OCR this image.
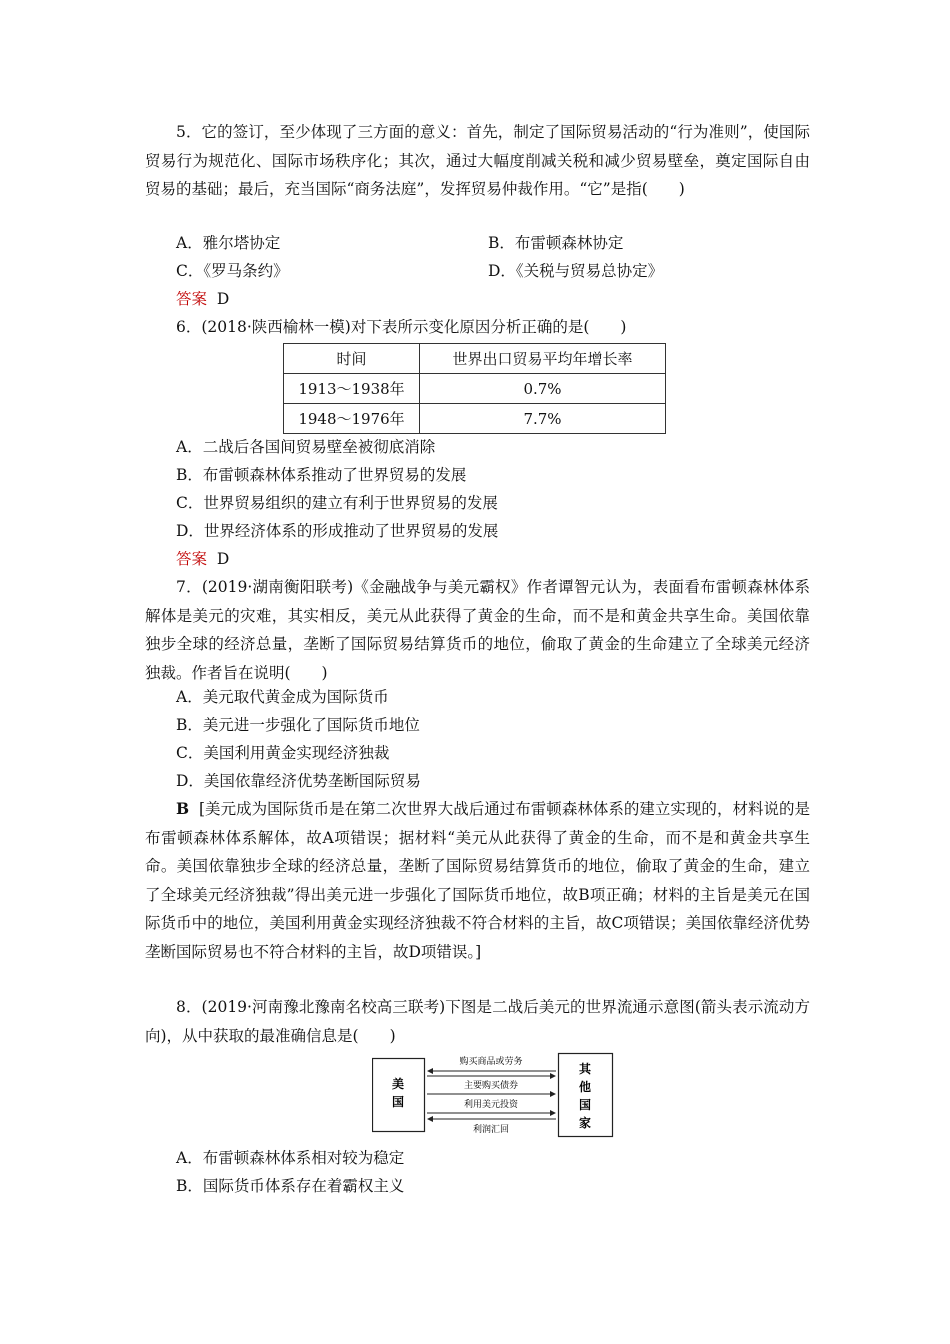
5．它的签订，至少体现了三方面的意义：首先，制定了国际贸易活动的“行为准则”，使国际贸易行为规范化、国际市场秩序化；其次，通过大幅度削减关税和减少贸易壁垒，奠定国际自由贸易的基础；最后，充当国际“商务法庭”，发挥贸易仲裁作用。“它”是指(　　)
A．雅尔塔协定	B．布雷顿森林协定
C．《罗马条约》	D．《关税与贸易总协定》
答案 D
6．(2018·陕西榆林一模)对下表所示变化原因分析正确的是(　　)
时间	世界出口贸易平均年增长率
1913～1938年	0.7%
1948～1976年	7.7%
A．二战后各国间贸易壁垒被彻底消除
B．布雷顿森林体系推动了世界贸易的发展
C．世界贸易组织的建立有利于世界贸易的发展
D．世界经济体系的形成推动了世界贸易的发展
答案 D
7．(2019·湖南衡阳联考)《金融战争与美元霸权》作者谭智元认为，表面看布雷顿森林体系解体是美元的灾难，其实相反，美元从此获得了黄金的生命，而不是和黄金共享生命。美国依靠独步全球的经济总量，垄断了国际贸易结算货币的地位，偷取了黄金的生命建立了全球美元经济独裁。作者旨在说明(　　)
A．美元取代黄金成为国际货币
B．美元进一步强化了国际货币地位
C．美国利用黄金实现经济独裁
D．美国依靠经济优势垄断国际贸易
B [美元成为国际货币是在第二次世界大战后通过布雷顿森林体系的建立实现的，材料说的是布雷顿森林体系解体，故A项错误；据材料“美元从此获得了黄金的生命，而不是和黄金共享生命。美国依靠独步全球的经济总量，垄断了国际贸易结算货币的地位，偷取了黄金的生命，建立了全球美元经济独裁”得出美元进一步强化了国际货币地位，故B项正确；材料的主旨是美元在国际货币中的地位，美国利用黄金实现经济独裁不符合材料的主旨，故C项错误；美国依靠经济优势垄断国际贸易也不符合材料的主旨，故D项错误。]
8．(2019·河南豫北豫南名校高三联考)下图是二战后美元的世界流通示意图(箭头表示流动方向)，从中获取的最准确信息是(　　)
美
国
其
他
国
家
购买商品或劳务
主要购买债券
利用美元投资
利润汇回
A．布雷顿森林体系相对较为稳定
B．国际货币体系存在着霸权主义
